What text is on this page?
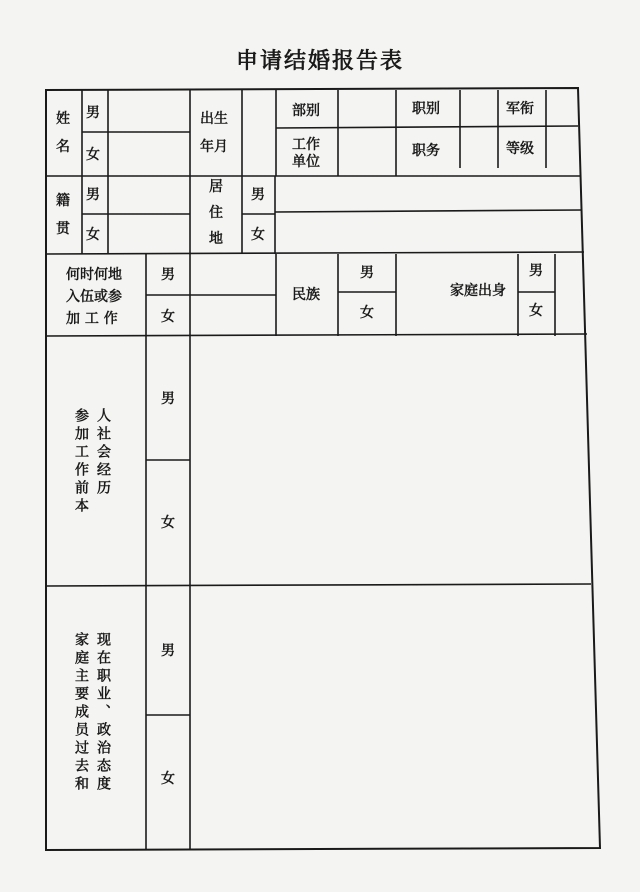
申请结婚报告表
姓
名
男
女
出生
年月
部别
工作
单位
职别
职务
军衔
等级
籍
贯
男
女
居
住
地
男
女
何时何地
入伍或参
加 工 作
男
女
民族
男
女
家庭出身
男
女
人社会经历
参加工作前本
男
女
现在职业、政治态度
家庭主要成员过去和	男
女
